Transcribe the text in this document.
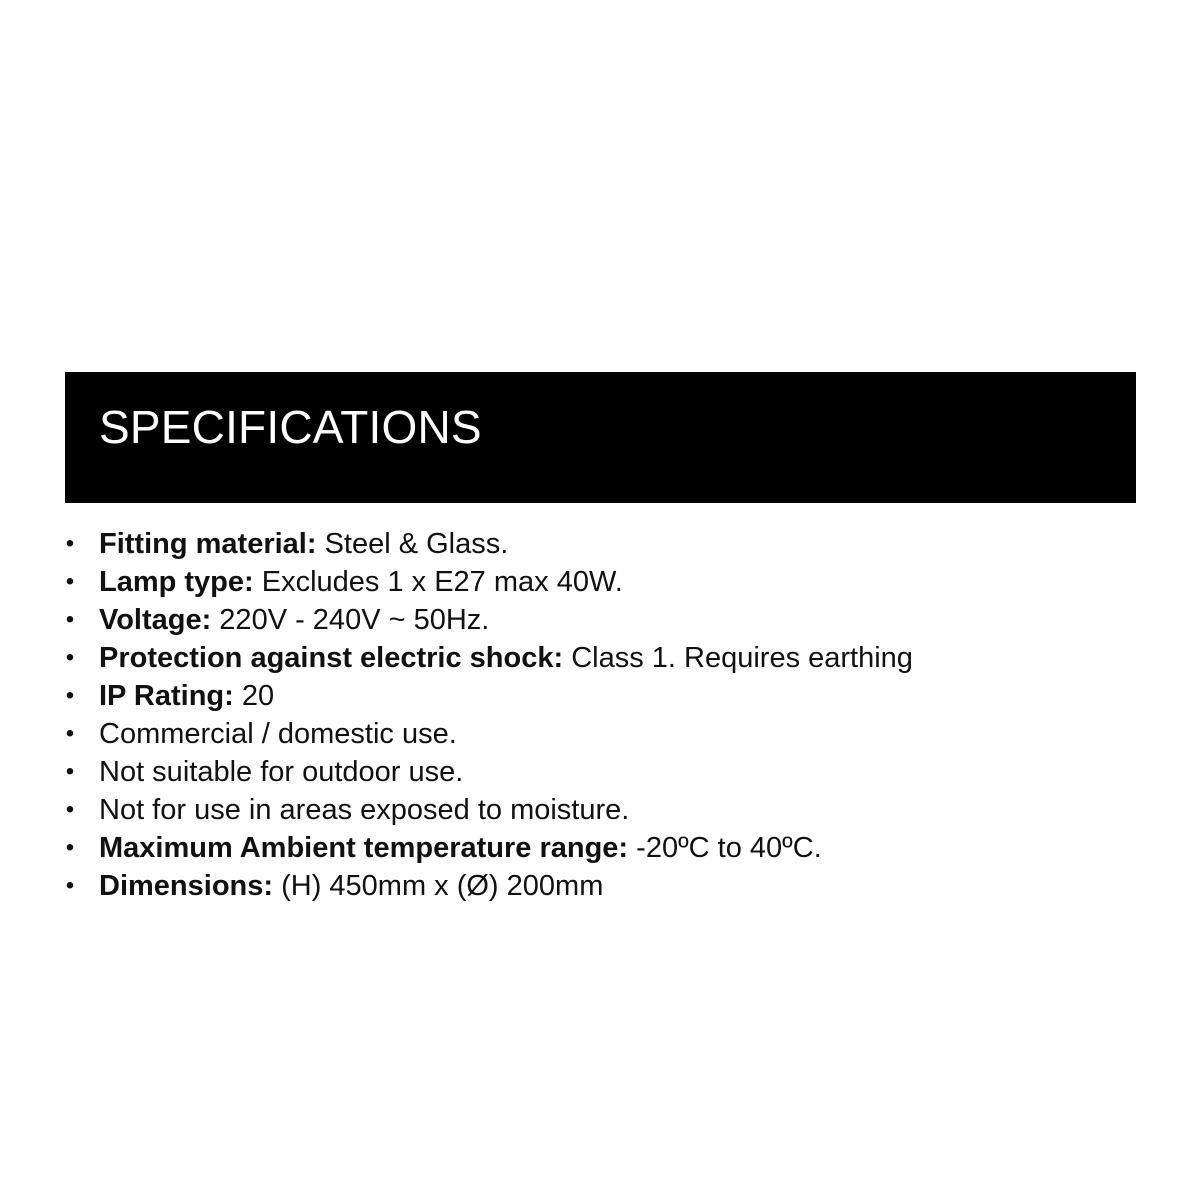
SPECIFICATIONS
• Fitting material: Steel & Glass.
• Lamp type: Excludes 1 x E27 max 40W.
• Voltage: 220V - 240V ~ 50Hz.
• Protection against electric shock: Class 1. Requires earthing
• IP Rating: 20
• Commercial / domestic use.
• Not suitable for outdoor use.
• Not for use in areas exposed to moisture.
• Maximum Ambient temperature range: -20ºC to 40ºC.
• Dimensions: (H) 450mm x (Ø) 200mm
